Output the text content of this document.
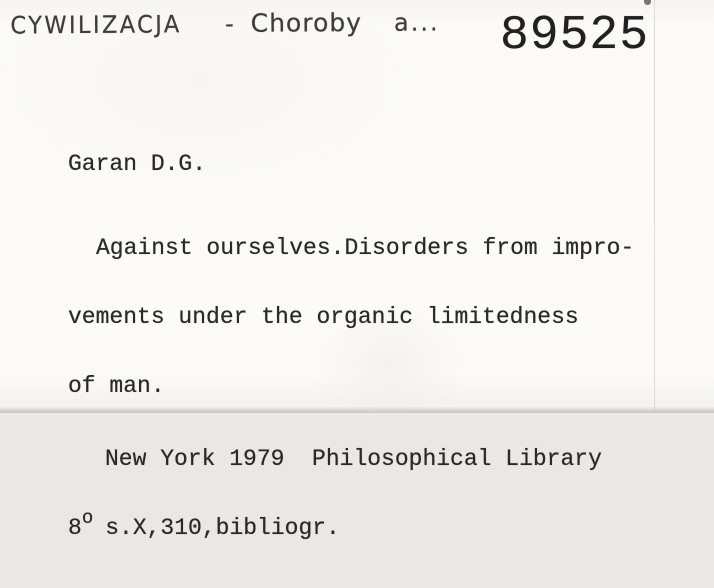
CYWILIZACJA - Choroby a... 89525

Garan D.G.

Against ourselves.Disorders from impro-

vements under the organic limitedness

of man.

New York 1979  Philosophical Library

8$^o$ s.X,310,bibliogr.
